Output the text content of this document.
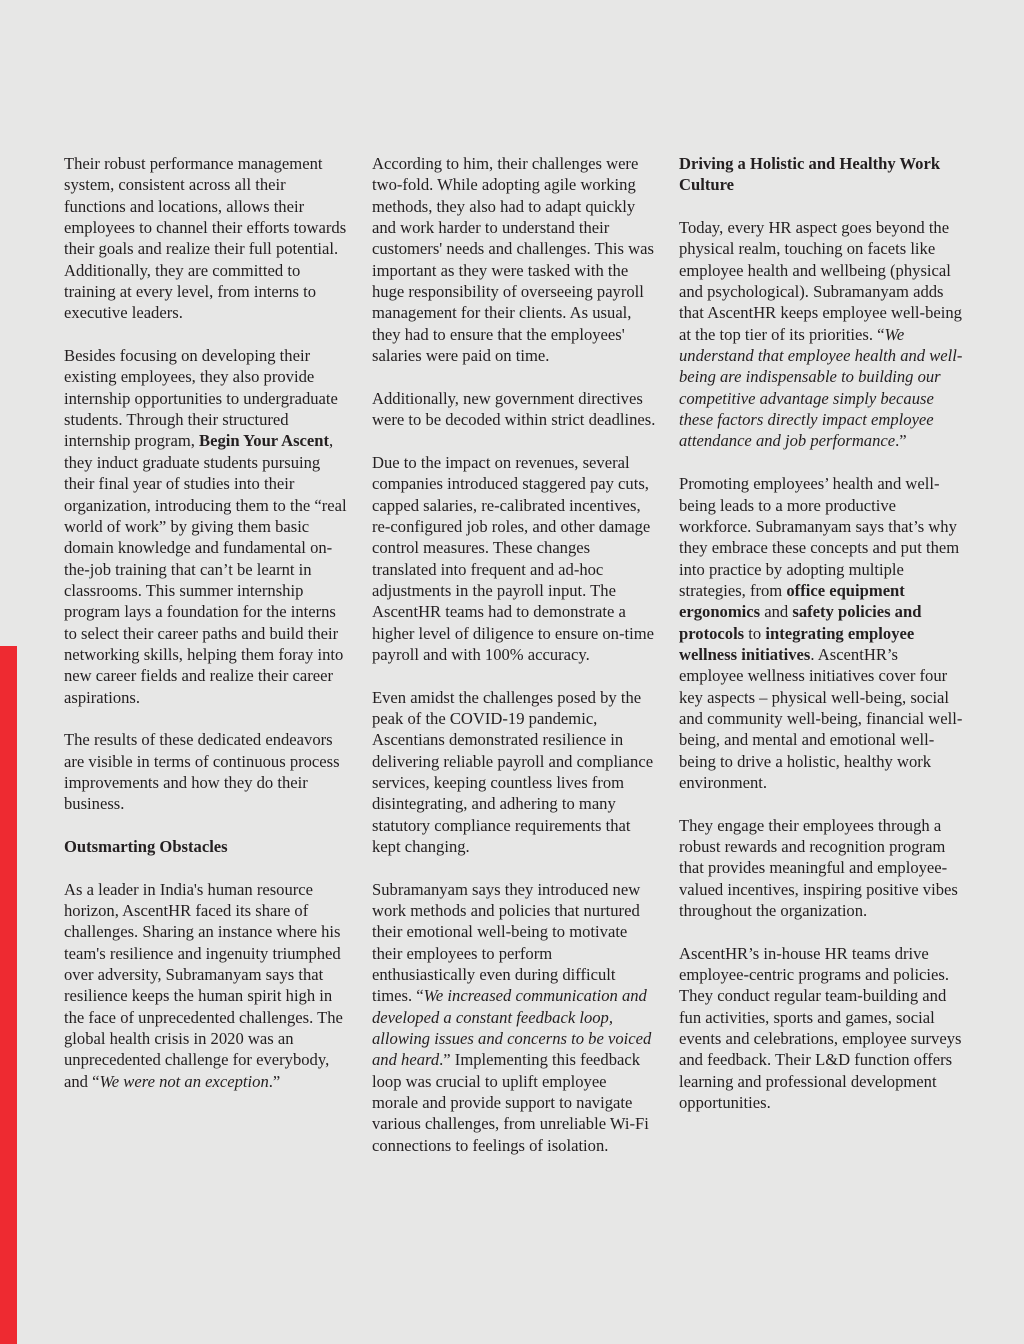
Their robust performance management system, consistent across all their functions and locations, allows their employees to channel their efforts towards their goals and realize their full potential. Additionally, they are committed to training at every level, from interns to executive leaders.

Besides focusing on developing their existing employees, they also provide internship opportunities to undergraduate students. Through their structured internship program, Begin Your Ascent, they induct graduate students pursuing their final year of studies into their organization, introducing them to the “real world of work” by giving them basic domain knowledge and fundamental on-the-job training that can’t be learnt in classrooms. This summer internship program lays a foundation for the interns to select their career paths and build their networking skills, helping them foray into new career fields and realize their career aspirations.

The results of these dedicated endeavors are visible in terms of continuous process improvements and how they do their business.

Outsmarting Obstacles

As a leader in India's human resource horizon, AscentHR faced its share of challenges. Sharing an instance where his team's resilience and ingenuity triumphed over adversity, Subramanyam says that resilience keeps the human spirit high in the face of unprecedented challenges. The global health crisis in 2020 was an unprecedented challenge for everybody, and “We were not an exception.”

According to him, their challenges were two-fold. While adopting agile working methods, they also had to adapt quickly and work harder to understand their customers' needs and challenges. This was important as they were tasked with the huge responsibility of overseeing payroll management for their clients. As usual, they had to ensure that the employees' salaries were paid on time.

Additionally, new government directives were to be decoded within strict deadlines.

Due to the impact on revenues, several companies introduced staggered pay cuts, capped salaries, re-calibrated incentives, re-configured job roles, and other damage control measures. These changes translated into frequent and ad-hoc adjustments in the payroll input. The AscentHR teams had to demonstrate a higher level of diligence to ensure on-time payroll and with 100% accuracy.

Even amidst the challenges posed by the peak of the COVID-19 pandemic, Ascentians demonstrated resilience in delivering reliable payroll and compliance services, keeping countless lives from disintegrating, and adhering to many statutory compliance requirements that kept changing.

Subramanyam says they introduced new work methods and policies that nurtured their emotional well-being to motivate their employees to perform enthusiastically even during difficult times. “We increased communication and developed a constant feedback loop, allowing issues and concerns to be voiced and heard.” Implementing this feedback loop was crucial to uplift employee morale and provide support to navigate various challenges, from unreliable Wi-Fi connections to feelings of isolation.

Driving a Holistic and Healthy Work Culture

Today, every HR aspect goes beyond the physical realm, touching on facets like employee health and wellbeing (physical and psychological). Subramanyam adds that AscentHR keeps employee well-being at the top tier of its priorities. “We understand that employee health and well-being are indispensable to building our competitive advantage simply because these factors directly impact employee attendance and job performance.”

Promoting employees’ health and well-being leads to a more productive workforce. Subramanyam says that’s why they embrace these concepts and put them into practice by adopting multiple strategies, from office equipment ergonomics and safety policies and protocols to integrating employee wellness initiatives. AscentHR’s employee wellness initiatives cover four key aspects – physical well-being, social and community well-being, financial well-being, and mental and emotional well-being to drive a holistic, healthy work environment.

They engage their employees through a robust rewards and recognition program that provides meaningful and employee-valued incentives, inspiring positive vibes throughout the organization.

AscentHR’s in-house HR teams drive employee-centric programs and policies. They conduct regular team-building and fun activities, sports and games, social events and celebrations, employee surveys and feedback. Their L&D function offers learning and professional development opportunities.
